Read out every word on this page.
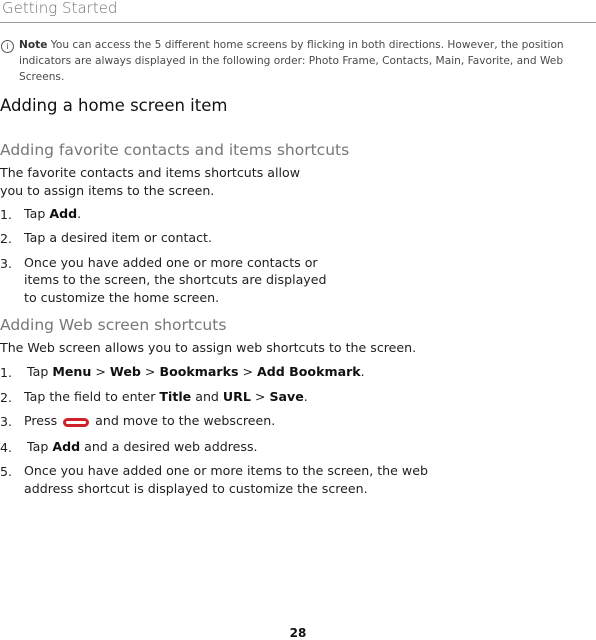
Getting Started
i Note You can access the 5 different home screens by flicking in both directions. However, the position indicators are always displayed in the following order: Photo Frame, Contacts, Main, Favorite, and Web Screens.
Adding a home screen item
Adding favorite contacts and items shortcuts
The favorite contacts and items shortcuts allow
you to assign items to the screen.
1. Tap Add.
2. Tap a desired item or contact.
3. Once you have added one or more contacts or
items to the screen, the shortcuts are displayed
to customize the home screen.
Adding Web screen shortcuts
The Web screen allows you to assign web shortcuts to the screen.
1. Tap Menu > Web > Bookmarks > Add Bookmark.
2. Tap the field to enter Title and URL > Save.
3. Press  and move to the webscreen.
4. Tap Add and a desired web address.
5. Once you have added one or more items to the screen, the web
address shortcut is displayed to customize the screen.
28
